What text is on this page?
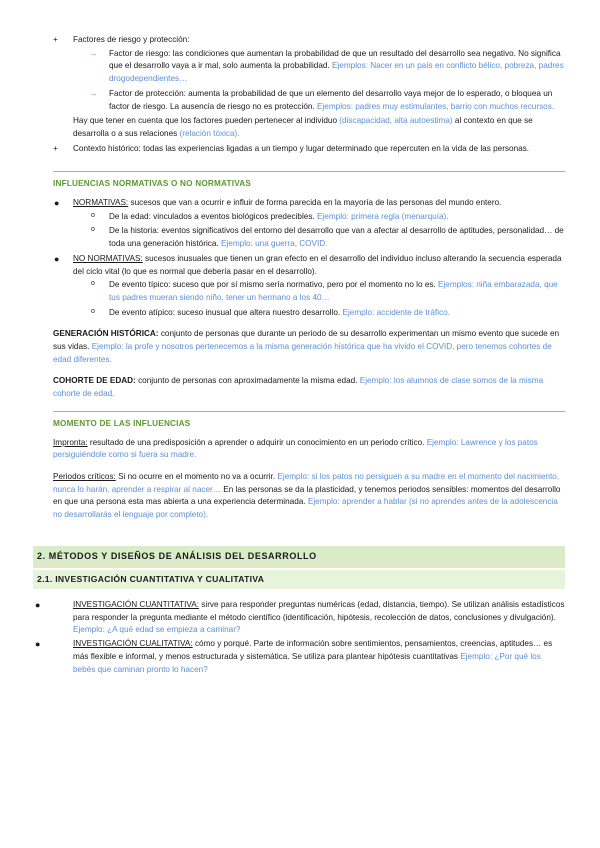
+ Factores de riesgo y protección:
→ Factor de riesgo: las condiciones que aumentan la probabilidad de que un resultado del desarrollo sea negativo. No significa que el desarrollo vaya a ir mal, solo aumenta la probabilidad. Ejemplos: Nacer en un país en conflicto bélico, pobreza, padres drogodependientes…
→ Factor de protección: aumenta la probabilidad de que un elemento del desarrollo vaya mejor de lo esperado, o bloquea un factor de riesgo. La ausencia de riesgo no es protección. Ejemplos: padres muy estimulantes, barrio con muchos recursos.
Hay que tener en cuenta que los factores pueden pertenecer al individuo (discapacidad, alta autoestima) al contexto en que se desarrolla o a sus relaciones (relación tóxica).
+ Contexto histórico: todas las experiencias ligadas a un tiempo y lugar determinado que repercuten en la vida de las personas.
INFLUENCIAS NORMATIVAS O NO NORMATIVAS
● NORMATIVAS: sucesos que van a ocurrir e influir de forma parecida en la mayoría de las personas del mundo entero.
o De la edad: vinculados a eventos biológicos predecibles. Ejemplo: primera regla (menarquía).
o De la historia: eventos significativos del entorno del desarrollo que van a afectar al desarrollo de aptitudes, personalidad… de toda una generación histórica. Ejemplo: una guerra, COVID.
● NO NORMATIVAS: sucesos inusuales que tienen un gran efecto en el desarrollo del individuo incluso alterando la secuencia esperada del ciclo vital (lo que es normal que debería pasar en el desarrollo).
o De evento típico: suceso que por sí mismo sería normativo, pero por el momento no lo es. Ejemplos: niña embarazada, que tus padres mueran siendo niño, tener un hermano a los 40…
o De evento atípico: suceso inusual que altera nuestro desarrollo. Ejemplo: accidente de tráfico.
GENERACIÓN HISTÓRICA: conjunto de personas que durante un periodo de su desarrollo experimentan un mismo evento que sucede en sus vidas. Ejemplo: la profe y nosotros pertenecemos a la misma generación histórica que ha vivido el COVID, pero tenemos cohortes de edad diferentes.
COHORTE DE EDAD: conjunto de personas con aproximadamente la misma edad. Ejemplo: los alumnos de clase somos de la misma cohorte de edad.
MOMENTO DE LAS INFLUENCIAS
Impronta: resultado de una predisposición a aprender o adquirir un conocimiento en un periodo crítico. Ejemplo: Lawrence y los patos persiguiéndole como si fuera su madre.
Periodos críticos: Si no ocurre en el momento no va a ocurrir. Ejemplo: si los patos no persiguen a su madre en el momento del nacimiento, nunca lo harán, aprender a respirar al nacer… En las personas se da la plasticidad, y tenemos periodos sensibles: momentos del desarrollo en que una persona esta mas abierta a una experiencia determinada. Ejemplo: aprender a hablar (si no aprendes antes de la adolescencia no desarrollarás el lenguaje por completo).
2. MÉTODOS Y DISEÑOS DE ANÁLISIS DEL DESARROLLO
2.1. INVESTIGACIÓN CUANTITATIVA Y CUALITATIVA
●	INVESTIGACIÓN CUANTITATIVA: sirve para responder preguntas numéricas (edad, distancia, tiempo). Se utilizan análisis estadísticos para responder la pregunta mediante el método científico (identificación, hipótesis, recolección de datos, conclusiones y divulgación). Ejemplo: ¿A qué edad se empieza a caminar?
●	INVESTIGACIÓN CUALITATIVA: cómo y porqué. Parte de información sobre sentimientos, pensamientos, creencias, aptitudes… es más flexible e informal, y menos estructurada y sistemática. Se utiliza para plantear hipótesis cuantitativas Ejemplo: ¿Por qué los bebés que caminan pronto lo hacen?
